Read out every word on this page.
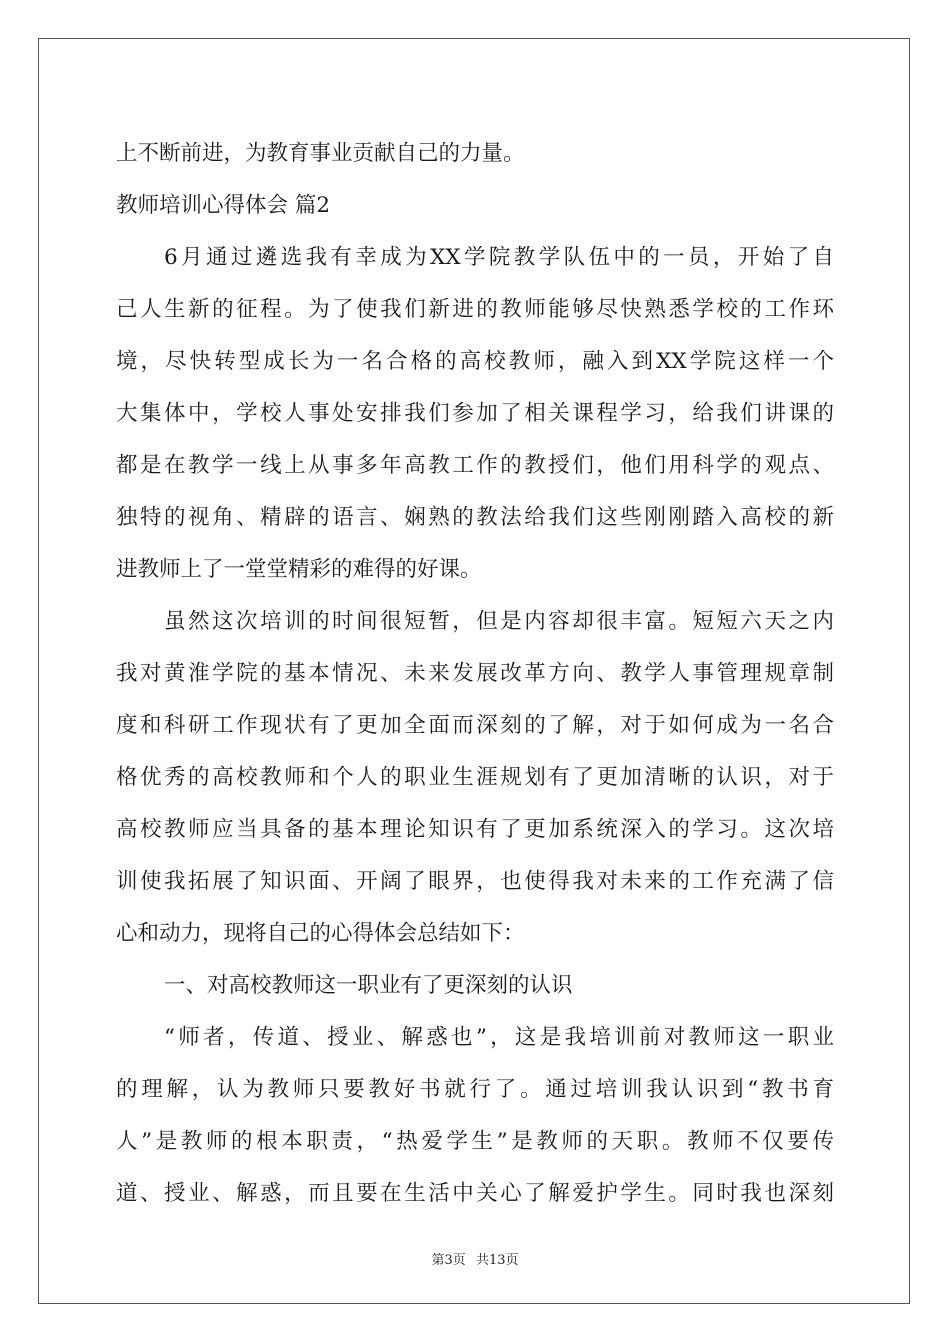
上不断前进，为教育事业贡献自己的力量。
教师培训心得体会 篇2
6月通过遴选我有幸成为XX学院教学队伍中的一员，开始了自
己人生新的征程。为了使我们新进的教师能够尽快熟悉学校的工作环
境，尽快转型成长为一名合格的高校教师，融入到XX学院这样一个
大集体中，学校人事处安排我们参加了相关课程学习，给我们讲课的
都是在教学一线上从事多年高教工作的教授们，他们用科学的观点、
独特的视角、精辟的语言、娴熟的教法给我们这些刚刚踏入高校的新
进教师上了一堂堂精彩的难得的好课。
虽然这次培训的时间很短暂，但是内容却很丰富。短短六天之内
我对黄淮学院的基本情况、未来发展改革方向、教学人事管理规章制
度和科研工作现状有了更加全面而深刻的了解，对于如何成为一名合
格优秀的高校教师和个人的职业生涯规划有了更加清晰的认识，对于
高校教师应当具备的基本理论知识有了更加系统深入的学习。这次培
训使我拓展了知识面、开阔了眼界，也使得我对未来的工作充满了信
心和动力，现将自己的心得体会总结如下：
一、对高校教师这一职业有了更深刻的认识
“师者，传道、授业、解惑也”，这是我培训前对教师这一职业
的理解，认为教师只要教好书就行了。通过培训我认识到“教书育
人”是教师的根本职责，“热爱学生”是教师的天职。教师不仅要传
道、授业、解惑，而且要在生活中关心了解爱护学生。同时我也深刻
第3页 共13页
